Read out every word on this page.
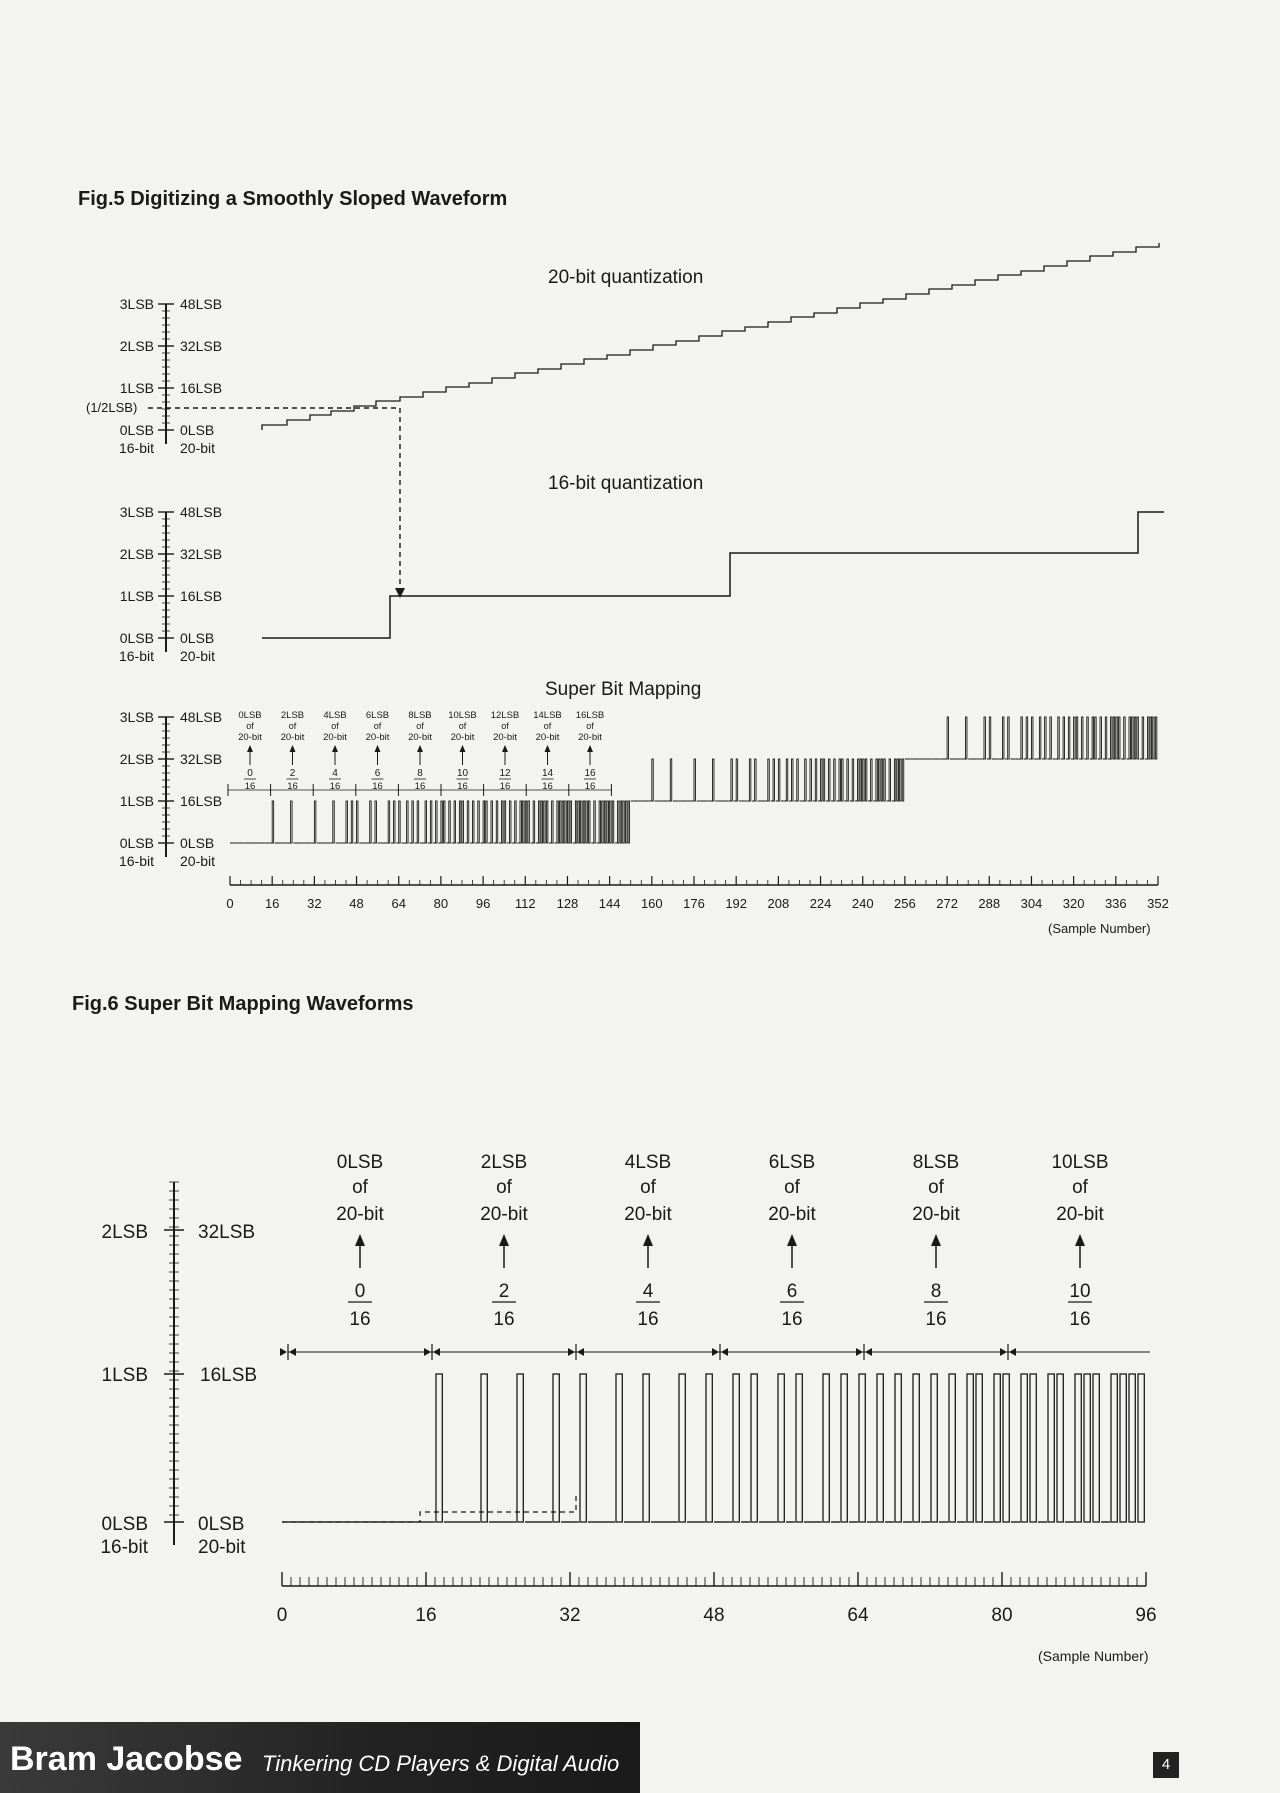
Fig.5 Digitizing a Smoothly Sloped Waveform
Fig.6 Super Bit Mapping Waveforms
20-bit quantization
3LSB 48LSB
2LSB 32LSB
1LSB 16LSB
0LSB 0LSB
16-bit 20-bit
(1/2LSB)
16-bit quantization
3LSB 48LSB
2LSB 32LSB
1LSB 16LSB
0LSB 0LSB
16-bit 20-bit
Super Bit Mapping
3LSB 48LSB
2LSB 32LSB
1LSB 16LSB
0LSB 0LSB
16-bit 20-bit
0LSB
of
20-bit
0
16
2LSB
of
20-bit
2
16
4LSB
of
20-bit
4
16
6LSB
of
20-bit
6
16
8LSB
of
20-bit
8
16
10LSB
of
20-bit
10
16
12LSB
of
20-bit
12
16
14LSB
of
20-bit
14
16
16LSB
of
20-bit
16
16
0 16 32 48 64 80 96 112 128 144 160 176 192 208 224 240 256 272 288 304 320 336 352
(Sample Number)
2LSB	32LSB
1LSB	16LSB
0LSB	0LSB
16-bit	20-bit
0LSB
of
20-bit
0
16
2LSB
of
20-bit
2
16
4LSB
of
20-bit
4
16
6LSB
of
20-bit
6
16
8LSB
of
20-bit
8
16
10LSB
of
20-bit
10
16
0	16	32	48	64	80	96
(Sample Number)
Bram Jacobse Tinkering CD Players & Digital Audio	4
